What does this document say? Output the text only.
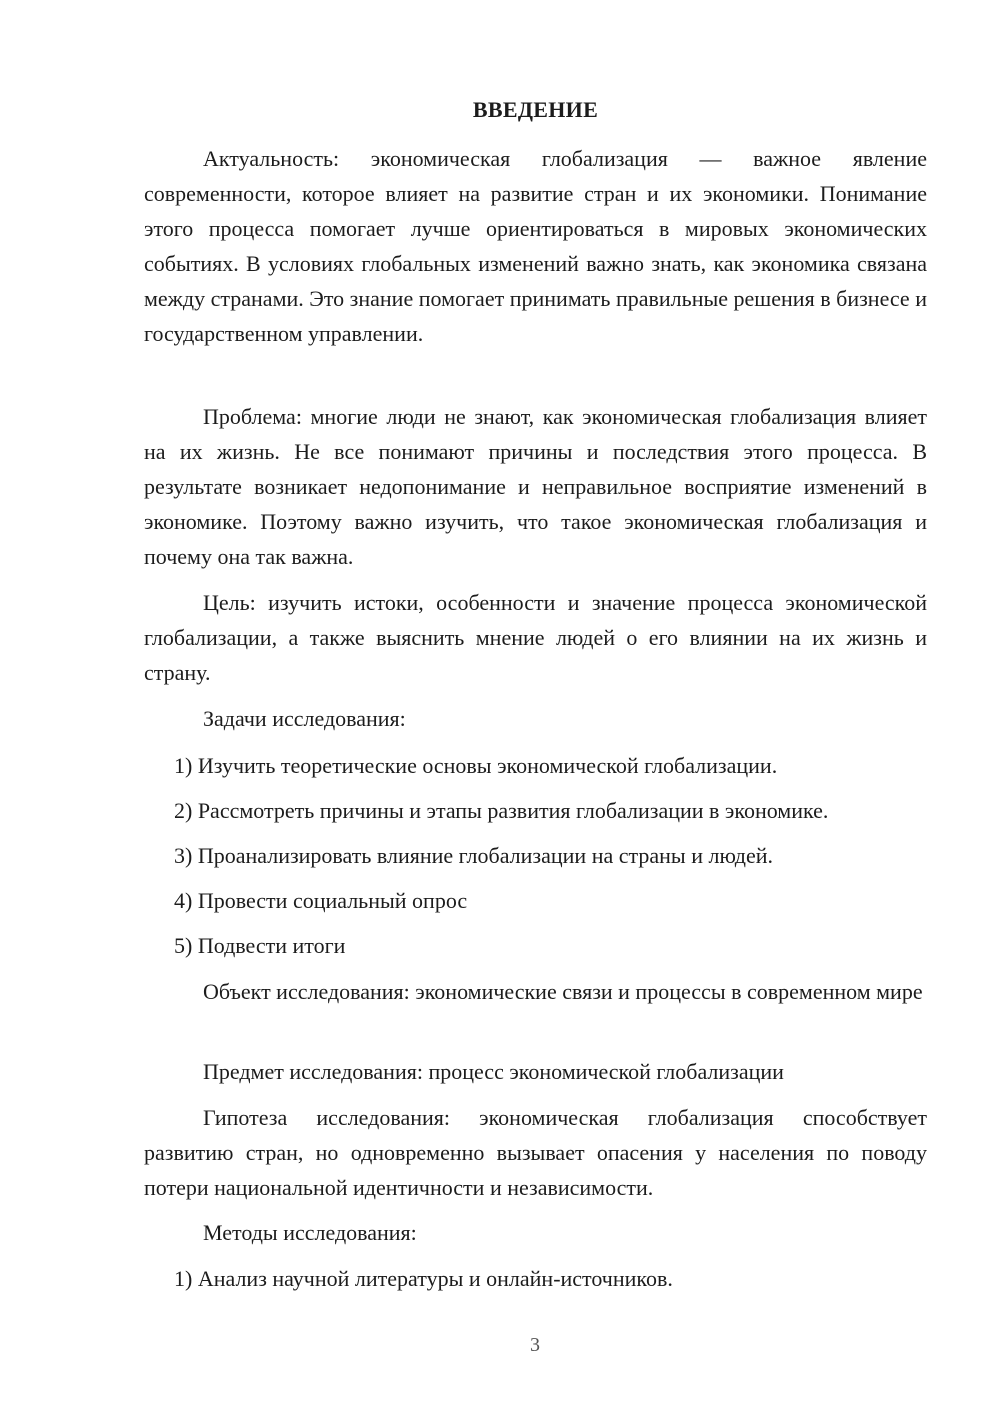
ВВЕДЕНИЕ

Актуальность: экономическая глобализация — важное явление современности, которое влияет на развитие стран и их экономики. Понимание этого процесса помогает лучше ориентироваться в мировых экономических событиях. В условиях глобальных изменений важно знать, как экономика связана между странами. Это знание помогает принимать правильные решения в бизнесе и государственном управлении.

Проблема: многие люди не знают, как экономическая глобализация влияет на их жизнь. Не все понимают причины и последствия этого процесса. В результате возникает недопонимание и неправильное восприятие изменений в экономике. Поэтому важно изучить, что такое экономическая глобализация и почему она так важна.

Цель: изучить истоки, особенности и значение процесса экономической глобализации, а также выяснить мнение людей о его влиянии на их жизнь и страну.

Задачи исследования:

1) Изучить теоретические основы экономической глобализации.

2) Рассмотреть причины и этапы развития глобализации в экономике.

3) Проанализировать влияние глобализации на страны и людей.

4) Провести социальный опрос

5) Подвести итоги

Объект исследования: экономические связи и процессы в современном мире

Предмет исследования: процесс экономической глобализации

Гипотеза исследования: экономическая глобализация способствует развитию стран, но одновременно вызывает опасения у населения по поводу потери национальной идентичности и независимости.

Методы исследования:

1) Анализ научной литературы и онлайн-источников.

3
